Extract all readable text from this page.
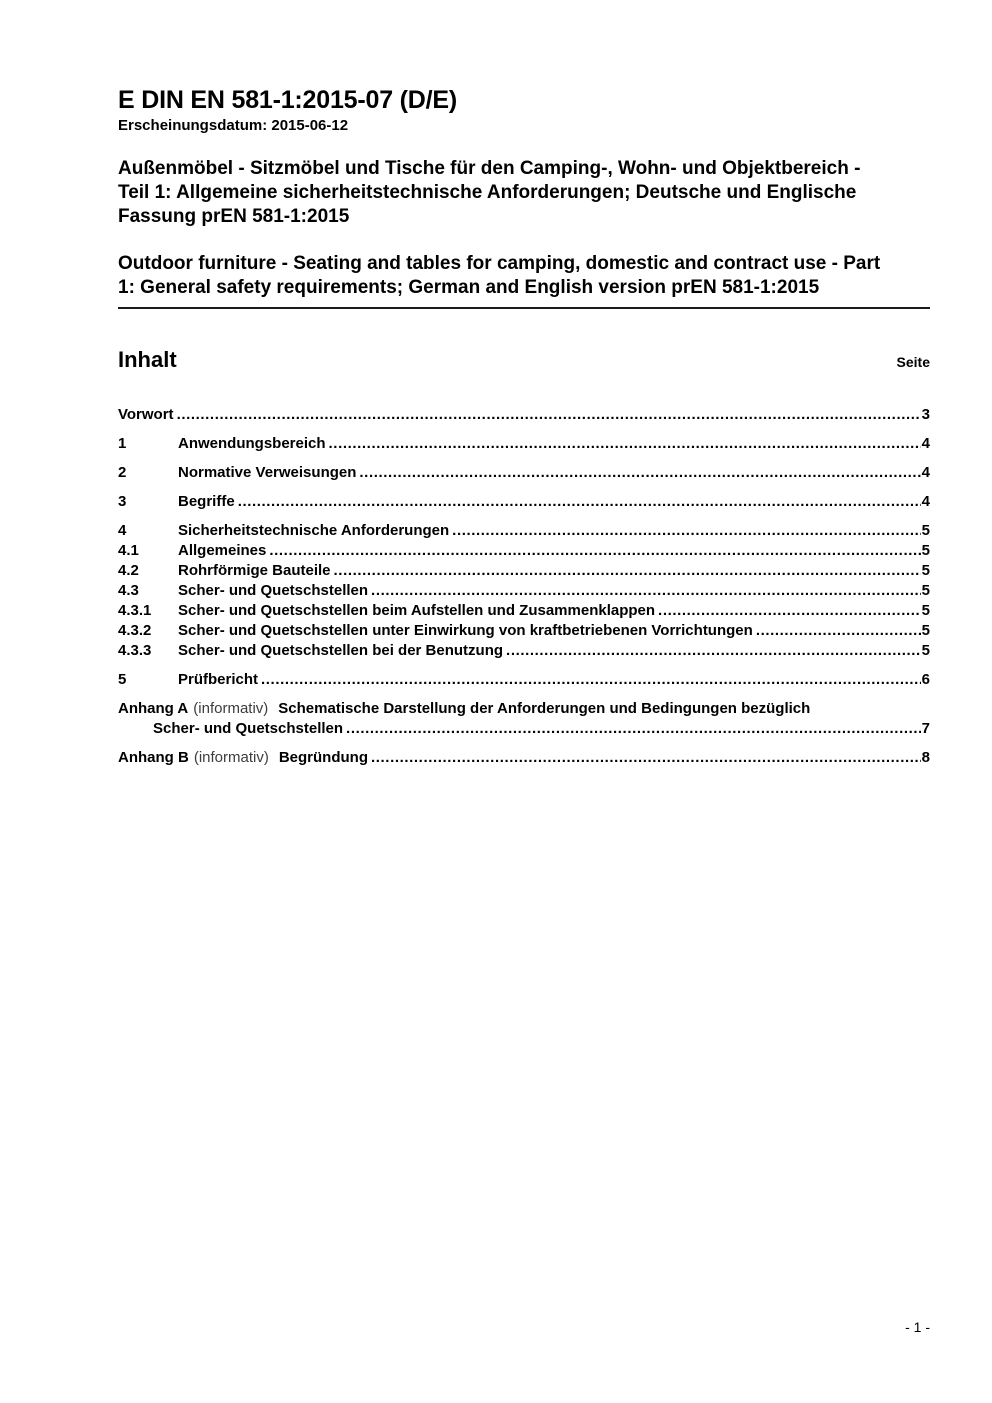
E DIN EN 581-1:2015-07 (D/E)
Erscheinungsdatum: 2015-06-12
Außenmöbel - Sitzmöbel und Tische für den Camping-, Wohn- und Objektbereich -
Teil 1: Allgemeine sicherheitstechnische Anforderungen; Deutsche und Englische
Fassung prEN 581-1:2015
Outdoor furniture - Seating and tables for camping, domestic and contract use - Part
1: General safety requirements; German and English version prEN 581-1:2015
Inhalt	Seite
Vorwort .....	3
1	Anwendungsbereich .....	4
2	Normative Verweisungen .....	4
3	Begriffe .....	4
4	Sicherheitstechnische Anforderungen .....	5
4.1	Allgemeines .....	5
4.2	Rohrförmige Bauteile .....	5
4.3	Scher- und Quetschstellen .....	5
4.3.1	Scher- und Quetschstellen beim Aufstellen und Zusammenklappen .....	5
4.3.2	Scher- und Quetschstellen unter Einwirkung von kraftbetriebenen Vorrichtungen .....	5
4.3.3	Scher- und Quetschstellen bei der Benutzung .....	5
5	Prüfbericht .....	6
Anhang A (informativ) Schematische Darstellung der Anforderungen und Bedingungen bezüglich
Scher- und Quetschstellen .....	7
Anhang B (informativ) Begründung .....	8
- 1 -
